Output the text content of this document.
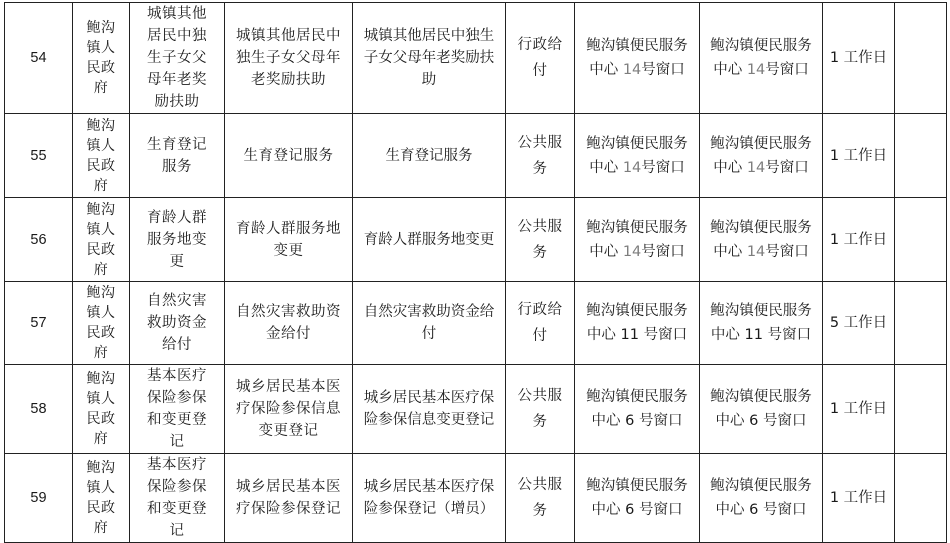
54	鲍沟镇人民政府	城镇其他居民中独生子女父母年老奖励扶助	城镇其他居民中独生子女父母年老奖励扶助	城镇其他居民中独生子女父母年老奖励扶助	行政给付	鲍沟镇便民服务中心 14号窗口	鲍沟镇便民服务中心 14号窗口	1 工作日	
55	鲍沟镇人民政府	生育登记服务	生育登记服务	生育登记服务	公共服务	鲍沟镇便民服务中心 14号窗口	鲍沟镇便民服务中心 14号窗口	1 工作日	
56	鲍沟镇人民政府	育龄人群服务地变更	育龄人群服务地变更	育龄人群服务地变更	公共服务	鲍沟镇便民服务中心 14号窗口	鲍沟镇便民服务中心 14号窗口	1 工作日	
57	鲍沟镇人民政府	自然灾害救助资金给付	自然灾害救助资金给付	自然灾害救助资金给付	行政给付	鲍沟镇便民服务中心 11 号窗口	鲍沟镇便民服务中心 11 号窗口	5 工作日	
58	鲍沟镇人民政府	基本医疗保险参保和变更登记	城乡居民基本医疗保险参保信息变更登记	城乡居民基本医疗保险参保信息变更登记	公共服务	鲍沟镇便民服务中心 6 号窗口	鲍沟镇便民服务中心 6 号窗口	1 工作日	
59	鲍沟镇人民政府	基本医疗保险参保和变更登记	城乡居民基本医疗保险参保登记	城乡居民基本医疗保险参保登记（增员）	公共服务	鲍沟镇便民服务中心 6 号窗口	鲍沟镇便民服务中心 6 号窗口	1 工作日	
